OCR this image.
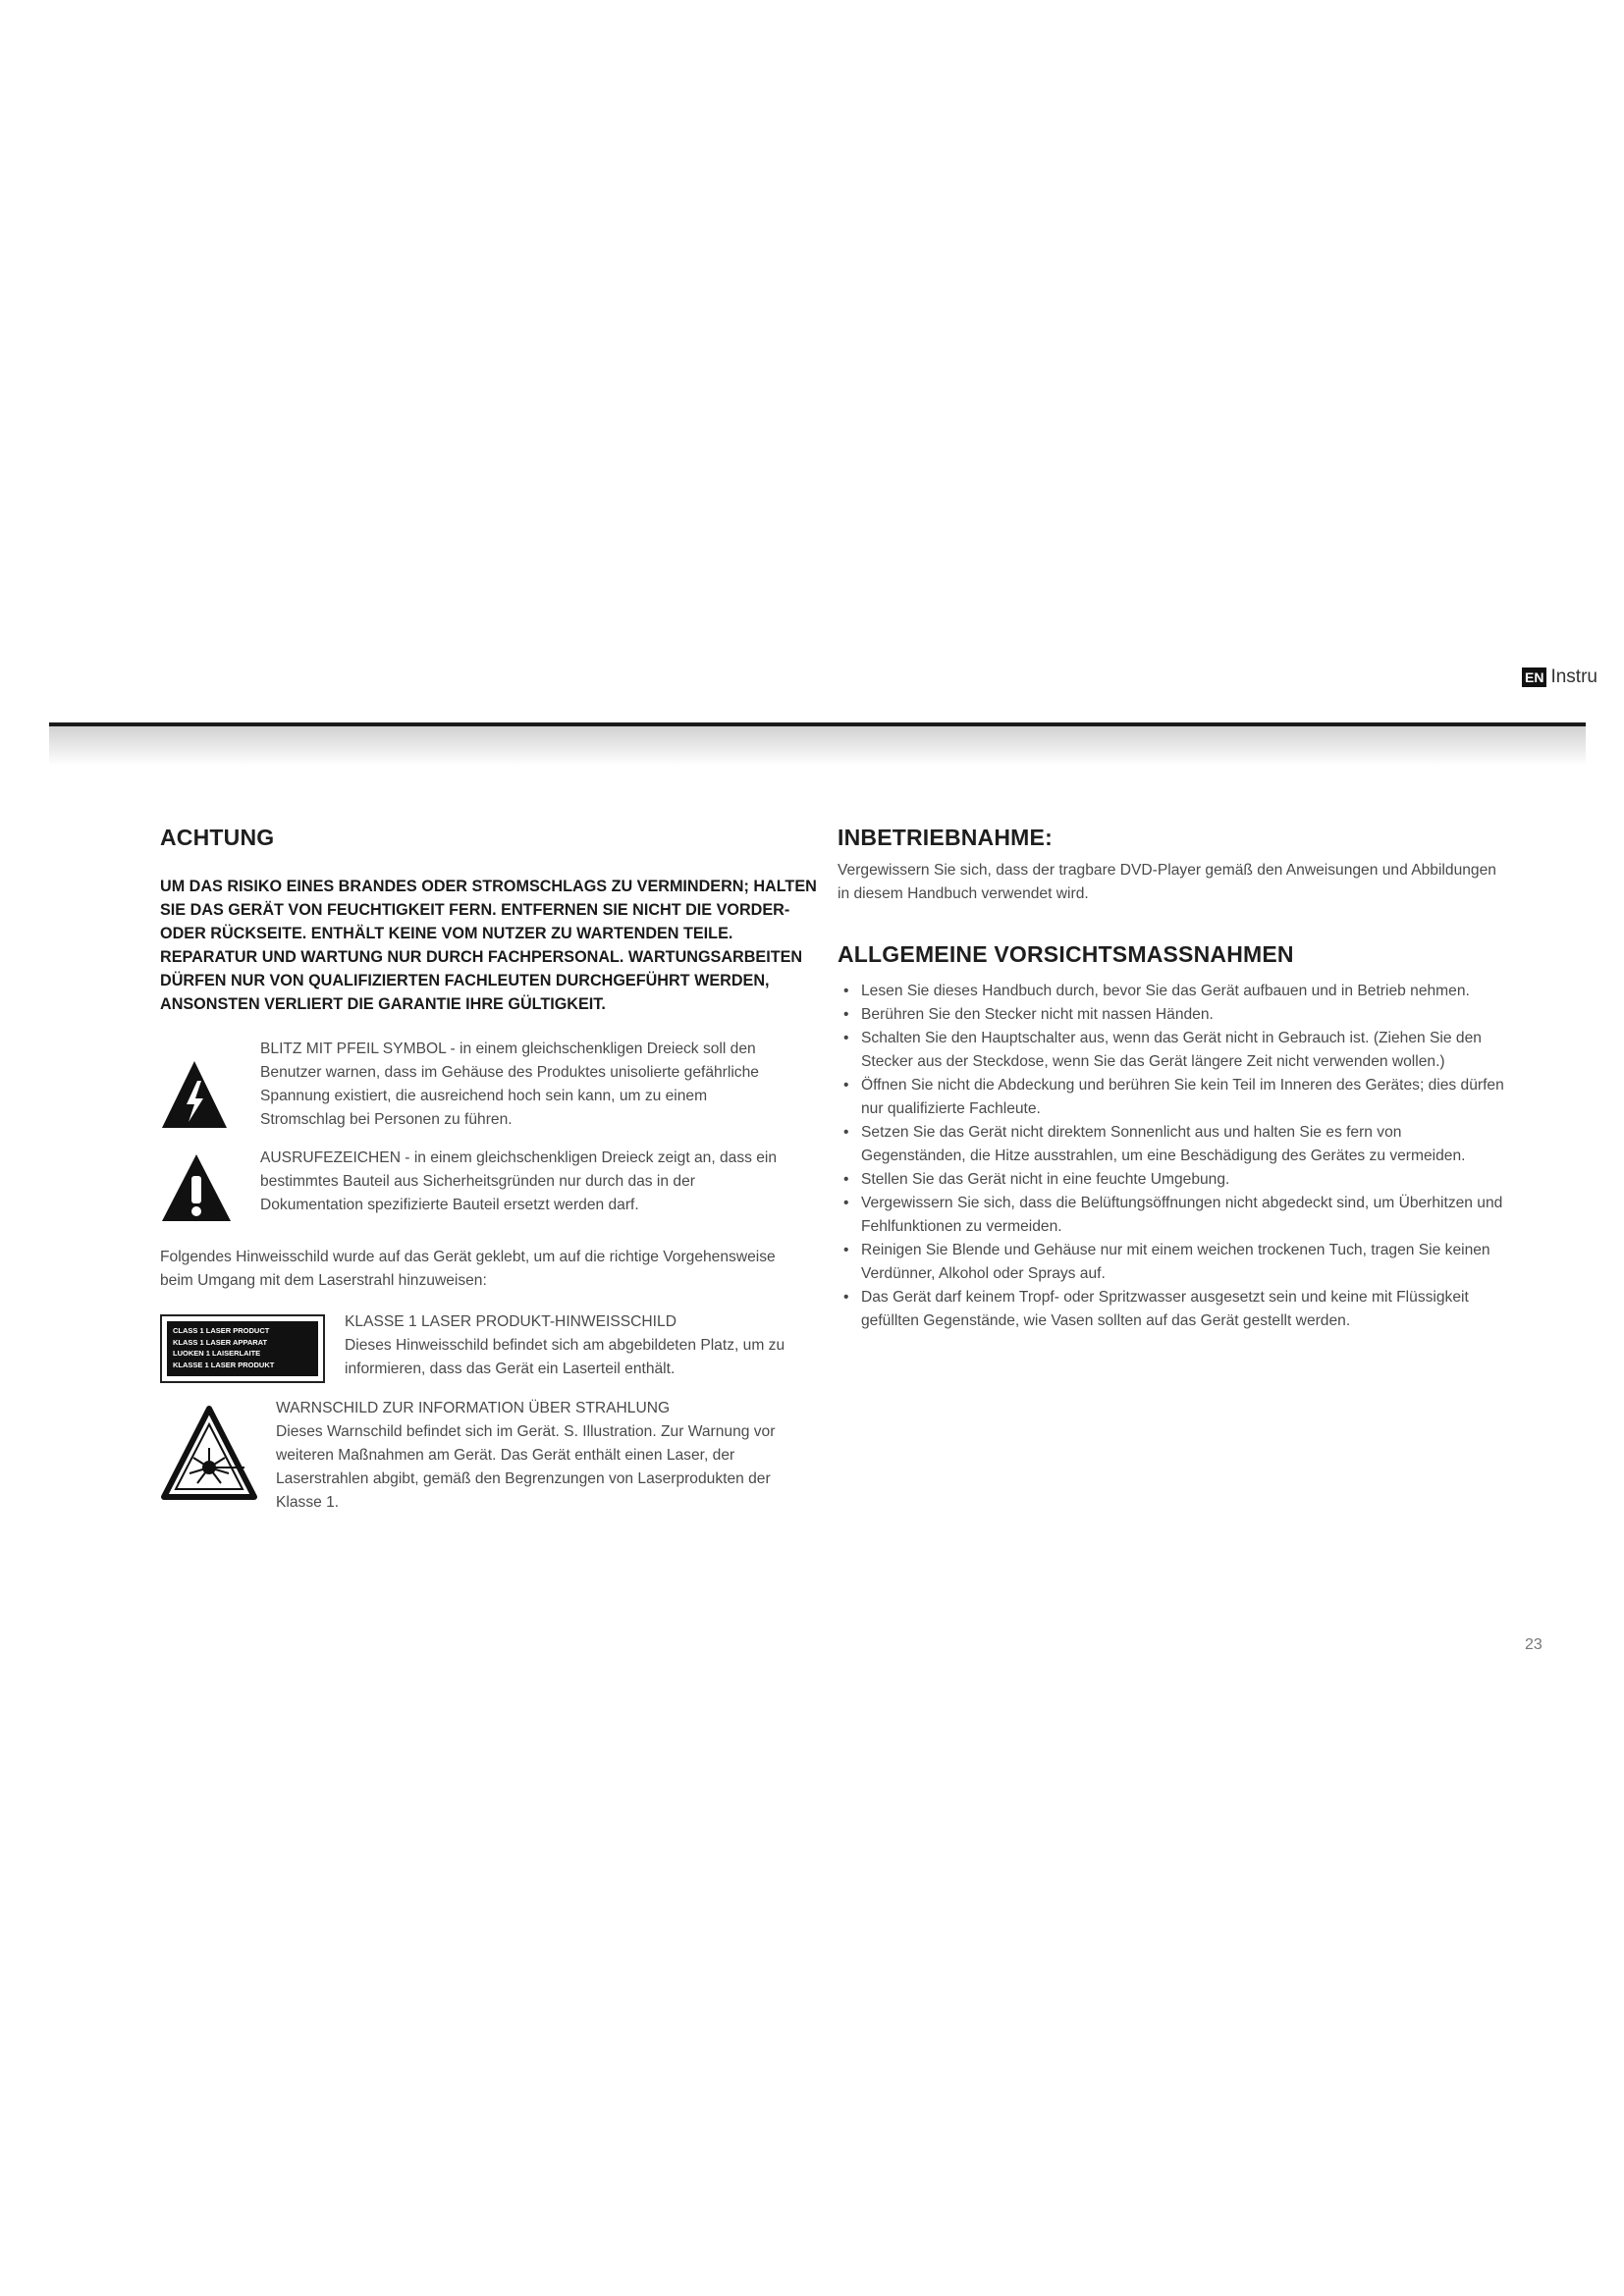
EN Instru
ACHTUNG
UM DAS RISIKO EINES BRANDES ODER STROMSCHLAGS ZU VERMINDERN; HALTEN SIE DAS GERÄT VON FEUCHTIGKEIT FERN. ENTFERNEN SIE NICHT DIE VORDER- ODER RÜCKSEITE. ENTHÄLT KEINE VOM NUTZER ZU WARTENDEN TEILE. REPARATUR UND WARTUNG NUR DURCH FACHPERSONAL. WARTUNGSARBEITEN DÜRFEN NUR VON QUALIFIZIERTEN FACHLEUTEN DURCHGEFÜHRT WERDEN, ANSONSTEN VERLIERT DIE GARANTIE IHRE GÜLTIGKEIT.

BLITZ MIT PFEIL SYMBOL - in einem gleichschenkligen Dreieck soll den Benutzer warnen, dass im Gehäuse des Produktes unisolierte gefährliche Spannung existiert, die ausreichend hoch sein kann, um zu einem Stromschlag bei Personen zu führen.

AUSRUFEZEICHEN - in einem gleichschenkligen Dreieck zeigt an, dass ein bestimmtes Bauteil aus Sicherheitsgründen nur durch das in der Dokumentation spezifizierte Bauteil ersetzt werden darf.

Folgendes Hinweisschild wurde auf das Gerät geklebt, um auf die richtige Vorgehensweise beim Umgang mit dem Laserstrahl hinzuweisen:

CLASS 1 LASER PRODUCT
KLASS 1 LASER APPARAT
LUOKEN 1 LAISERLAITE
KLASSE 1 LASER PRODUKT

KLASSE 1 LASER PRODUKT-HINWEISSCHILD

Dieses Hinweisschild befindet sich am abgebildeten Platz, um zu informieren, dass das Gerät ein Laserteil enthält.

WARNSCHILD ZUR INFORMATION ÜBER STRAHLUNG

Dieses Warnschild befindet sich im Gerät. S. Illustration. Zur Warnung vor weiteren Maßnahmen am Gerät. Das Gerät enthält einen Laser, der Laserstrahlen abgibt, gemäß den Begrenzungen von Laserprodukten der Klasse 1.

INBETRIEBNAHME:

Vergewissern Sie sich, dass der tragbare DVD-Player gemäß den Anweisungen und Abbildungen in diesem Handbuch verwendet wird.

ALLGEMEINE VORSICHTSMASSNAHMEN
• Lesen Sie dieses Handbuch durch, bevor Sie das Gerät aufbauen und in Betrieb nehmen.
• Berühren Sie den Stecker nicht mit nassen Händen.
• Schalten Sie den Hauptschalter aus, wenn das Gerät nicht in Gebrauch ist. (Ziehen Sie den Stecker aus der Steckdose, wenn Sie das Gerät längere Zeit nicht verwenden wollen.)
• Öffnen Sie nicht die Abdeckung und berühren Sie kein Teil im Inneren des Gerätes; dies dürfen nur qualifizierte Fachleute.
• Setzen Sie das Gerät nicht direktem Sonnenlicht aus und halten Sie es fern von Gegenständen, die Hitze ausstrahlen, um eine Beschädigung des Gerätes zu vermeiden.
• Stellen Sie das Gerät nicht in eine feuchte Umgebung.
• Vergewissern Sie sich, dass die Belüftungsöffnungen nicht abgedeckt sind, um Überhitzen und Fehlfunktionen zu vermeiden.
• Reinigen Sie Blende und Gehäuse nur mit einem weichen trockenen Tuch, tragen Sie keinen Verdünner, Alkohol oder Sprays auf.
• Das Gerät darf keinem Tropf- oder Spritzwasser ausgesetzt sein und keine mit Flüssigkeit gefüllten Gegenstände, wie Vasen sollten auf das Gerät gestellt werden.
23
